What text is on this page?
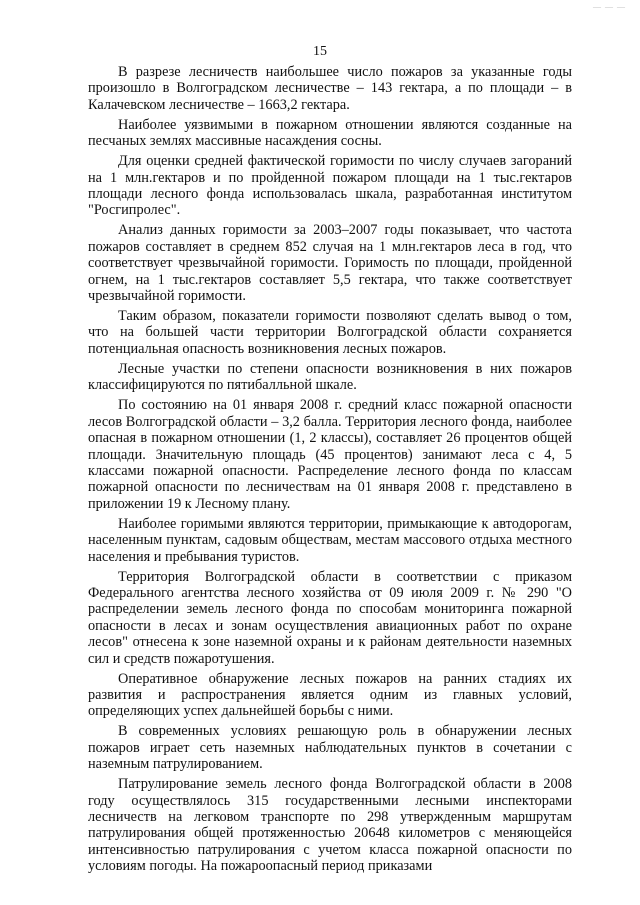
— — —
15

В разрезе лесничеств наибольшее число пожаров за указанные годы произошло в Волгоградском лесничестве – 143 гектара, а по площади – в Калачевском лесничестве – 1663,2 гектара.

Наиболее уязвимыми в пожарном отношении являются созданные на песчаных землях массивные насаждения сосны.

Для оценки средней фактической горимости по числу случаев загораний на 1 млн.гектаров и по пройденной пожаром площади на 1 тыс.гектаров площади лесного фонда использовалась шкала, разработанная институтом "Росгипролес".

Анализ данных горимости за 2003–2007 годы показывает, что частота пожаров составляет в среднем 852 случая на 1 млн.гектаров леса в год, что соответствует чрезвычайной горимости. Горимость по площади, пройденной огнем, на 1 тыс.гектаров составляет 5,5 гектара, что также соответствует чрезвычайной горимости.

Таким образом, показатели горимости позволяют сделать вывод о том, что на большей части территории Волгоградской области сохраняется потенциальная опасность возникновения лесных пожаров.

Лесные участки по степени опасности возникновения в них пожаров классифицируются по пятибалльной шкале.

По состоянию на 01 января 2008 г. средний класс пожарной опасности лесов Волгоградской области – 3,2 балла. Территория лесного фонда, наиболее опасная в пожарном отношении (1, 2 классы), составляет 26 процентов общей площади. Значительную площадь (45 процентов) занимают леса с 4, 5 классами пожарной опасности. Распределение лесного фонда по классам пожарной опасности по лесничествам на 01 января 2008 г. представлено в приложении 19 к Лесному плану.

Наиболее горимыми являются территории, примыкающие к автодорогам, населенным пунктам, садовым обществам, местам массового отдыха местного населения и пребывания туристов.

Территория Волгоградской области в соответствии с приказом Федерального агентства лесного хозяйства от 09 июля 2009 г. № 290 "О распределении земель лесного фонда по способам мониторинга пожарной опасности в лесах и зонам осуществления авиационных работ по охране лесов" отнесена к зоне наземной охраны и к районам деятельности наземных сил и средств пожаротушения.

Оперативное обнаружение лесных пожаров на ранних стадиях их развития и распространения является одним из главных условий, определяющих успех дальнейшей борьбы с ними.

В современных условиях решающую роль в обнаружении лесных пожаров играет сеть наземных наблюдательных пунктов в сочетании с наземным патрулированием.

Патрулирование земель лесного фонда Волгоградской области в 2008 году осуществлялось 315 государственными лесными инспекторами лесничеств на легковом транспорте по 298 утвержденным маршрутам патрулирования общей протяженностью 20648 километров с меняющейся интенсивностью патрулирования с учетом класса пожарной опасности по условиям погоды. На пожароопасный период приказами
